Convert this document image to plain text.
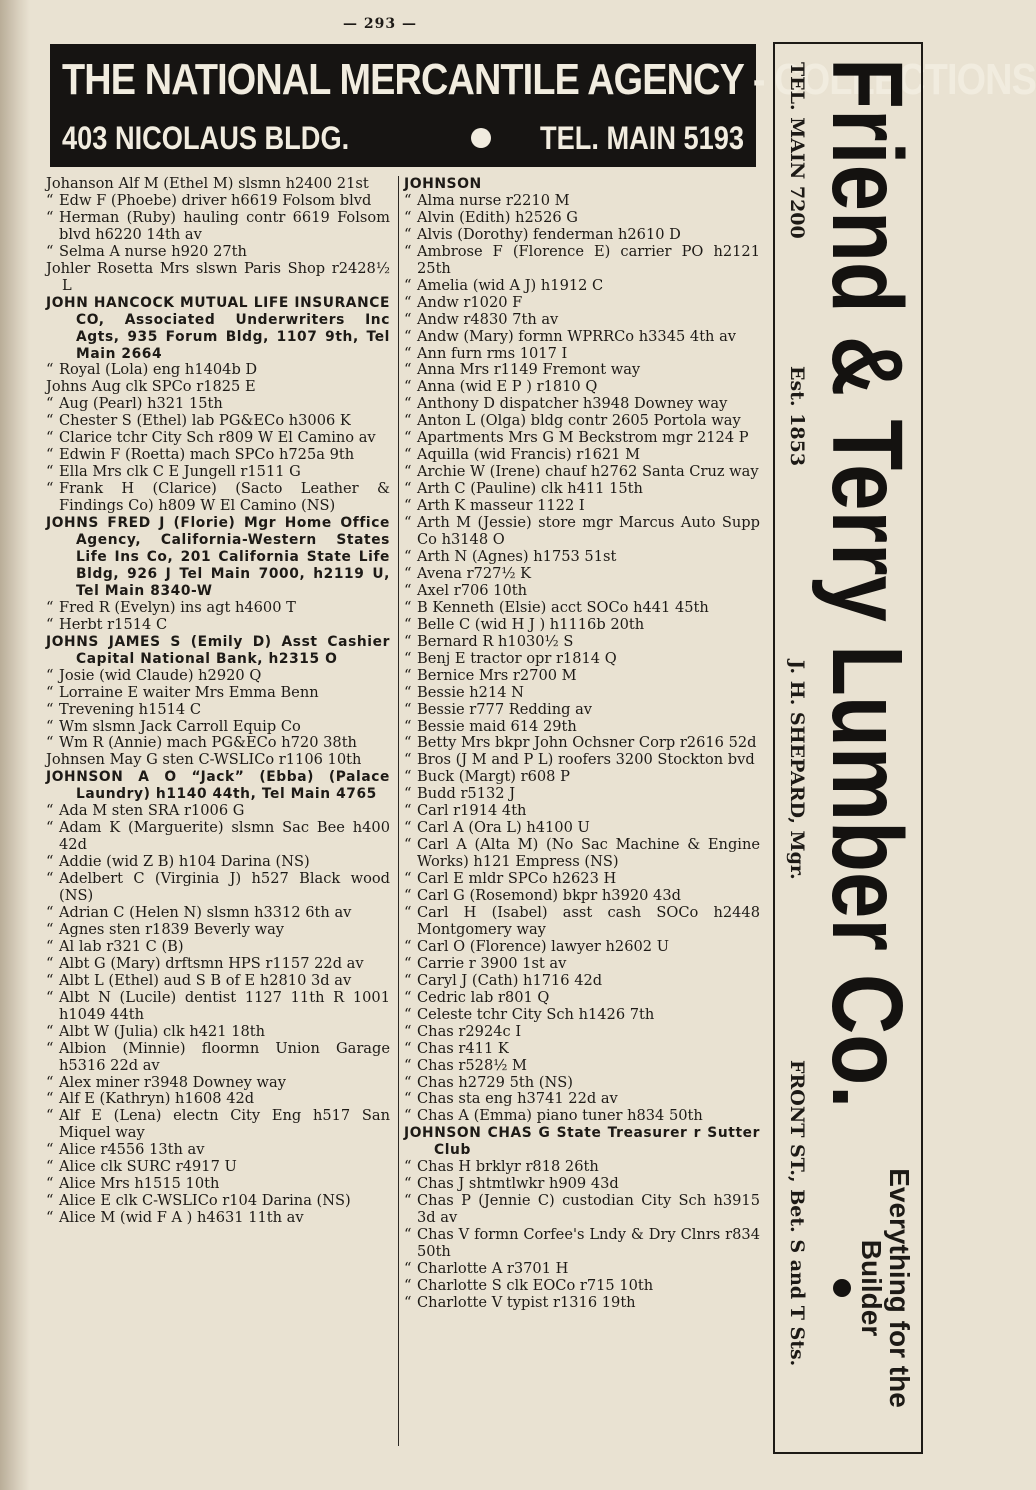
— 293 —
THE NATIONAL MERCANTILE AGENCY - COLLECTIONS
403 NICOLAUS BLDG.	TEL. MAIN 5193
Johanson Alf M (Ethel M) slsmn h2400 21st
“ Edw F (Phoebe) driver h6619 Folsom blvd
“ Herman (Ruby) hauling contr 6619 Folsom blvd h6220 14th av
“ Selma A nurse h920 27th
Johler Rosetta Mrs slswn Paris Shop r2428½ L
JOHN HANCOCK MUTUAL LIFE INSURANCE CO, Associated Underwriters Inc Agts, 935 Forum Bldg, 1107 9th, Tel Main 2664
“ Royal (Lola) eng h1404b D
Johns Aug clk SPCo r1825 E
“ Aug (Pearl) h321 15th
“ Chester S (Ethel) lab PG&ECo h3006 K
“ Clarice tchr City Sch r809 W El Camino av
“ Edwin F (Roetta) mach SPCo h725a 9th
“ Ella Mrs clk C E Jungell r1511 G
“ Frank H (Clarice) (Sacto Leather & Findings Co) h809 W El Camino (NS)
JOHNS FRED J (Florie) Mgr Home Office Agency, California-Western States Life Ins Co, 201 California State Life Bldg, 926 J Tel Main 7000, h2119 U, Tel Main 8340-W
“ Fred R (Evelyn) ins agt h4600 T
“ Herbt r1514 C
JOHNS JAMES S (Emily D) Asst Cashier Capital National Bank, h2315 O
“ Josie (wid Claude) h2920 Q
“ Lorraine E waiter Mrs Emma Benn
“ Trevening h1514 C
“ Wm slsmn Jack Carroll Equip Co
“ Wm R (Annie) mach PG&ECo h720 38th
Johnsen May G sten C-WSLICo r1106 10th
JOHNSON A O “Jack” (Ebba) (Palace Laundry) h1140 44th, Tel Main 4765
“ Ada M sten SRA r1006 G
“ Adam K (Marguerite) slsmn Sac Bee h400 42d
“ Addie (wid Z B) h104 Darina (NS)
“ Adelbert C (Virginia J) h527 Black wood (NS)
“ Adrian C (Helen N) slsmn h3312 6th av
“ Agnes sten r1839 Beverly way
“ Al lab r321 C (B)
“ Albt G (Mary) drftsmn HPS r1157 22d av
“ Albt L (Ethel) aud S B of E h2810 3d av
“ Albt N (Lucile) dentist 1127 11th R 1001 h1049 44th
“ Albt W (Julia) clk h421 18th
“ Albion (Minnie) floormn Union Garage h5316 22d av
“ Alex miner r3948 Downey way
“ Alf E (Kathryn) h1608 42d
“ Alf E (Lena) electn City Eng h517 San Miquel way
“ Alice r4556 13th av
“ Alice clk SURC r4917 U
“ Alice Mrs h1515 10th
“ Alice E clk C-WSLICo r104 Darina (NS)
“ Alice M (wid F A ) h4631 11th av
JOHNSON
“ Alma nurse r2210 M
“ Alvin (Edith) h2526 G
“ Alvis (Dorothy) fenderman h2610 D
“ Ambrose F (Florence E) carrier PO h2121 25th
“ Amelia (wid A J) h1912 C
“ Andw r1020 F
“ Andw r4830 7th av
“ Andw (Mary) formn WPRRCo h3345 4th av
“ Ann furn rms 1017 I
“ Anna Mrs r1149 Fremont way
“ Anna (wid E P ) r1810 Q
“ Anthony D dispatcher h3948 Downey way
“ Anton L (Olga) bldg contr 2605 Portola way
“ Apartments Mrs G M Beckstrom mgr 2124 P
“ Aquilla (wid Francis) r1621 M
“ Archie W (Irene) chauf h2762 Santa Cruz way
“ Arth C (Pauline) clk h411 15th
“ Arth K masseur 1122 I
“ Arth M (Jessie) store mgr Marcus Auto Supp Co h3148 O
“ Arth N (Agnes) h1753 51st
“ Avena r727½ K
“ Axel r706 10th
“ B Kenneth (Elsie) acct SOCo h441 45th
“ Belle C (wid H J ) h1116b 20th
“ Bernard R h1030½ S
“ Benj E tractor opr r1814 Q
“ Bernice Mrs r2700 M
“ Bessie h214 N
“ Bessie r777 Redding av
“ Bessie maid 614 29th
“ Betty Mrs bkpr John Ochsner Corp r2616 52d
“ Bros (J M and P L) roofers 3200 Stockton bvd
“ Buck (Margt) r608 P
“ Budd r5132 J
“ Carl r1914 4th
“ Carl A (Ora L) h4100 U
“ Carl A (Alta M) (No Sac Machine & Engine Works) h121 Empress (NS)
“ Carl E mldr SPCo h2623 H
“ Carl G (Rosemond) bkpr h3920 43d
“ Carl H (Isabel) asst cash SOCo h2448 Montgomery way
“ Carl O (Florence) lawyer h2602 U
“ Carrie r 3900 1st av
“ Caryl J (Cath) h1716 42d
“ Cedric lab r801 Q
“ Celeste tchr City Sch h1426 7th
“ Chas r2924c I
“ Chas r411 K
“ Chas r528½ M
“ Chas h2729 5th (NS)
“ Chas sta eng h3741 22d av
“ Chas A (Emma) piano tuner h834 50th
JOHNSON CHAS G State Treasurer r Sutter Club
“ Chas H brklyr r818 26th
“ Chas J shtmtlwkr h909 43d
“ Chas P (Jennie C) custodian City Sch h3915 3d av
“ Chas V formn Corfee's Lndy & Dry Clnrs r834 50th
“ Charlotte A r3701 H
“ Charlotte S clk EOCo r715 10th
“ Charlotte V typist r1316 19th
Friend & Terry Lumber Co.
Everything for the
Builder
TEL. MAIN 7200
Est. 1853
J. H. SHEPARD, Mgr.
FRONT ST., Bet. S and T Sts.
